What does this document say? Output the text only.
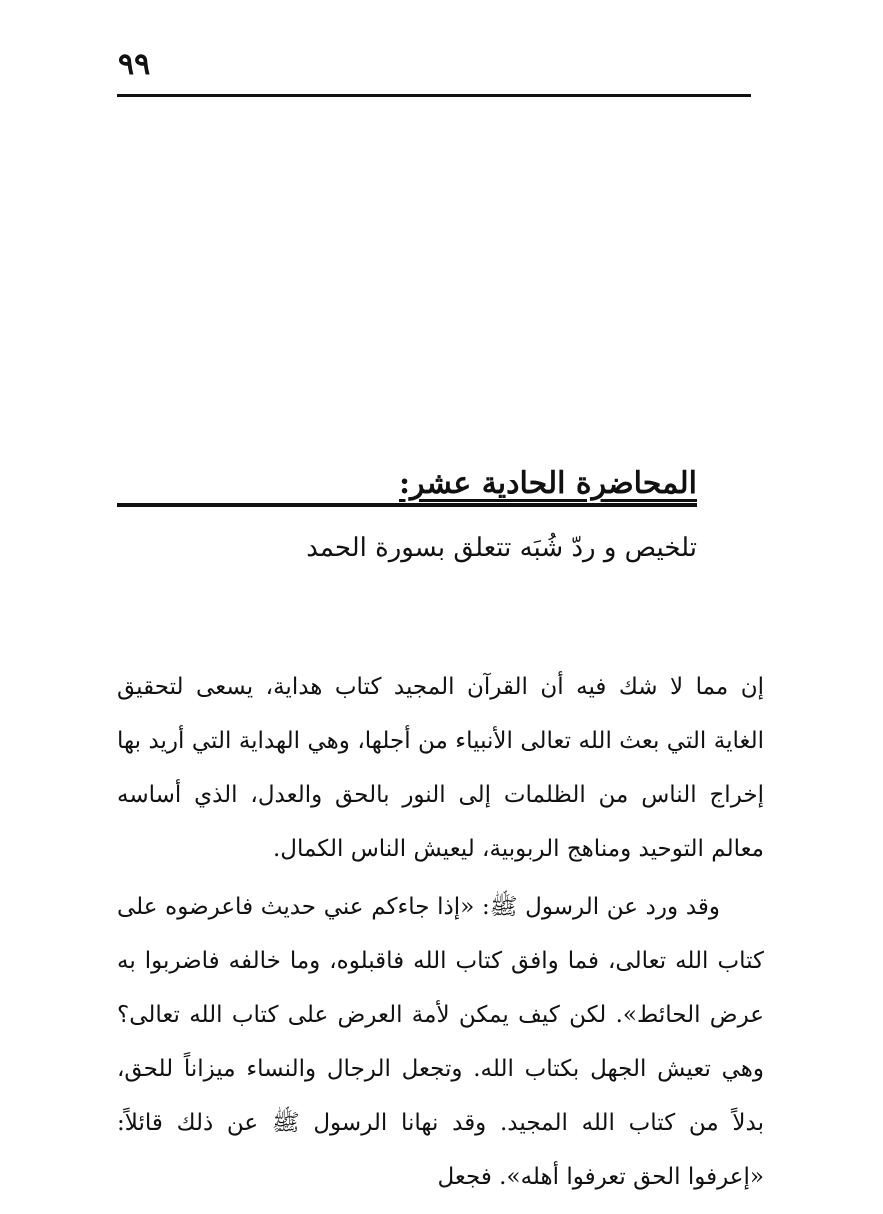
٩٩
المحاضرة الحادية عشر:
تلخيص و ردّ شُبَه تتعلق بسورة الحمد

إن مما لا شك فيه أن القرآن المجيد كتاب هداية، يسعى لتحقيق الغاية التي بعث الله تعالى الأنبياء من أجلها، وهي الهداية التي أريد بها إخراج الناس من الظلمات إلى النور بالحق والعدل، الذي أساسه معالم التوحيد ومناهج الربوبية، ليعيش الناس الكمال.

وقد ورد عن الرسول ﷺ: «إذا جاءكم عني حديث فاعرضوه على كتاب الله تعالى، فما وافق كتاب الله فاقبلوه، وما خالفه فاضربوا به عرض الحائط». لكن كيف يمكن لأمة العرض على كتاب الله تعالى؟ وهي تعيش الجهل بكتاب الله. وتجعل الرجال والنساء ميزاناً للحق، بدلاً من كتاب الله المجيد. وقد نهانا الرسول ﷺ عن ذلك قائلاً: «إعرفوا الحق تعرفوا أهله». فجعل
